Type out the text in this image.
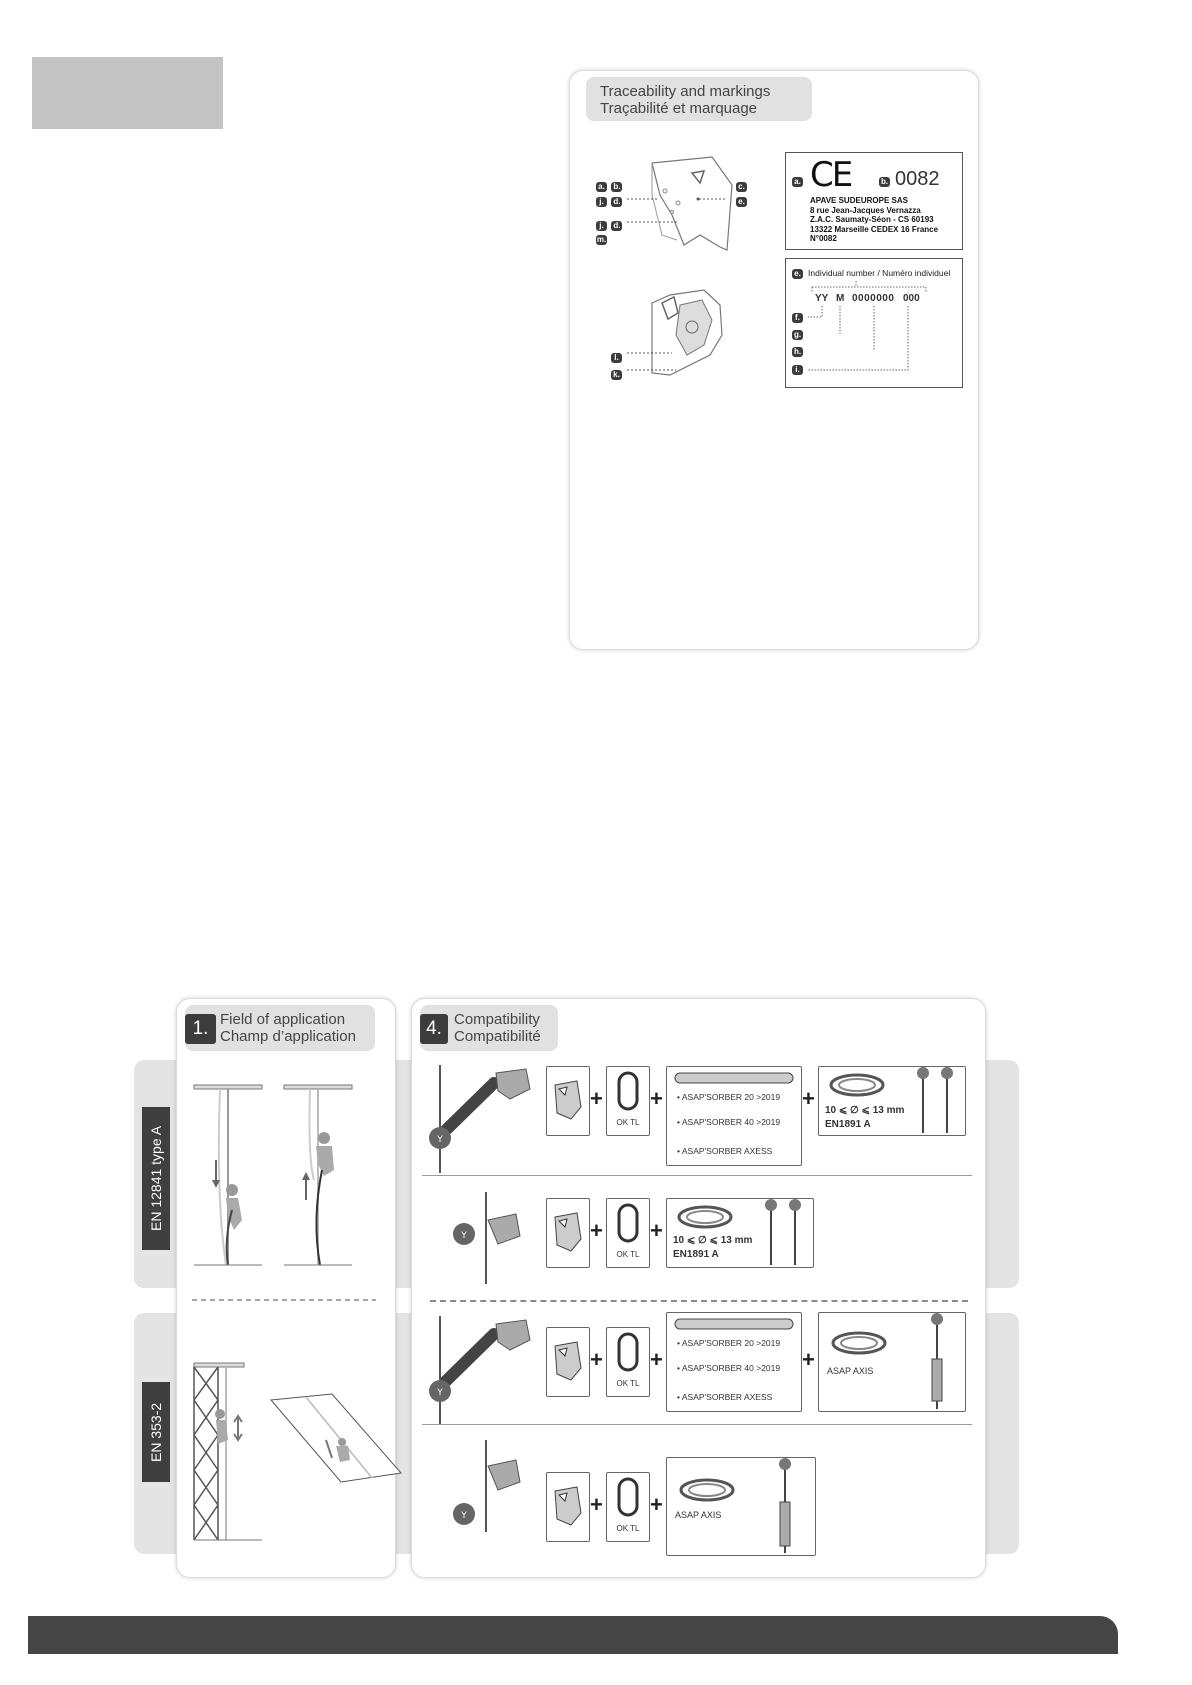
Traceability and markings
Traçabilité et marquage
a. b.
j. d.
j. d.
m.
c.
e.
l.
k.
a. CE	b. 0082
APAVE SUDEUROPE SAS
8 rue Jean-Jacques Vernazza
Z.A.C. Saumaty-Séon - CS 60193
13322 Marseille CEDEX 16 France
N°0082
e. Individual number / Numéro individuel
YY M 0000000 000
f.
g.
h.
i.
EN 12841 type A
EN 353-2
1. Field of application
Champ d’application	4. Compatibility
Compatibilité
Y
+
OK TL
+ • ASAP'SORBER 20 >2019
• ASAP'SORBER 40 >2019
• ASAP'SORBER AXESS
+ 10 ⩽ ∅ ⩽ 13 mm
EN1891 A
Y	+
OK TL
+ 10 ⩽ ∅ ⩽ 13 mm
EN1891 A
Y
+
OK TL
+
• ASAP'SORBER 20 >2019
• ASAP'SORBER 40 >2019
• ASAP'SORBER AXESS
+ ASAP AXIS
Y	+
OK TL
+ ASAP AXIS
